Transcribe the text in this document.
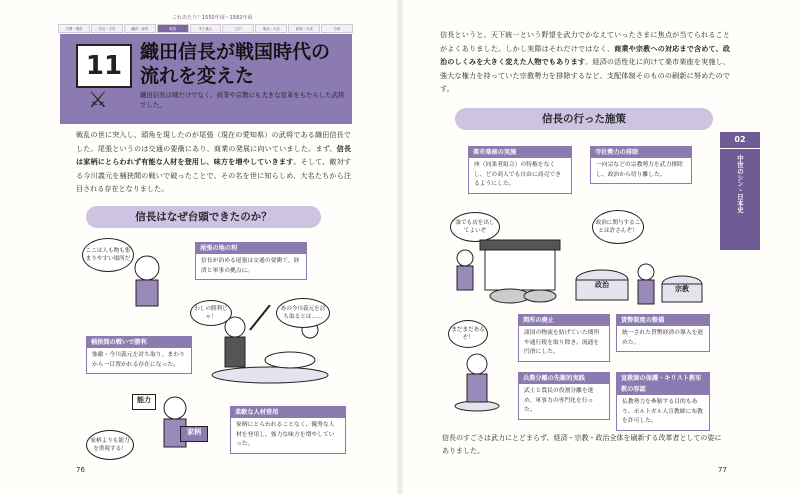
これあたり！1550年頃〜1582年頃
古墳・飛鳥	奈良・平安	鎌倉・室町	戦国	安土桃山	江戸	明治・大正	昭和・平成	令和
11
⚔
織田信長が戦国時代の
流れを変えた

織田信長は戦だけでなく、商業や宗教にも大きな変革をもたらした武将でした。

戦乱の世に突入し、頭角を現したのが尾張（現在の愛知県）の武将である織田信長でした。尾張というのは交通の要衝にあり、商業の発展に向いていました。まず、信長は家柄にとらわれず有能な人材を登用し、味方を増やしていきます。そして、敵対する今川義元を桶狭間の戦いで破ったことで、その名を世に知らしめ、大名たちから注目される存在となりました。

信長はなぜ台頭できたのか？
能力
家柄
ここは人も物も集まりやすい場所だ
わしの勝利じゃ！
あの今川義元を討ち取るとは……
家柄よりも能力を重視する！
尾張の地の利
信長が治める尾張は交通の要衝で、経済と軍事の拠点に。
桶狭間の戦いで勝利
強敵・今川義元を討ち取り、まわりから一目置かれる存在になった。
柔軟な人材登用
家柄にとらわれることなく、優秀な人材を登用し、強力な味方を増やしていった。
76

信長というと、天下統一という野望を武力でかなえていったさまに焦点が当てられることがよくありました。しかし実際はそれだけではなく、商業や宗教への対応まで含めて、政治のしくみを大きく変えた人物でもあります。経済の活性化に向けて楽市楽座を実施し、強大な権力を持っていた宗教勢力を排除するなど、支配体制そのものの刷新に努めたのです。

信長の行った施策
02
中世のシン・日本史
楽市楽座の実施
座（同業者組合）の特権をなくし、どの商人でも自由に商売できるようにした。
寺社勢力の排除
一向宗などの宗教勢力を武力排除し、政治から切り離した。
誰でも店を出してよいぞ
政治に関与することは許さんぞ！
政治	宗教
まだまだあるぞ！
関所の廃止
諸国の物流を妨げていた関所や通行税を取り除き、流通を円滑にした。
貨幣制度の整備
統一された貨幣経済の導入を進めた。
兵農分離の先駆的実践
武士と農民の役割分離を進め、軍事力の専門化を行った。
宣教師の保護・キリスト教布教の容認
仏教勢力を牽制する目的もあり、ポルトガル人宣教師に布教を許可した。

信長のすごさは武力にとどまらず、経済・宗教・政治全体を刷新する改革者としての姿にありました。

77
